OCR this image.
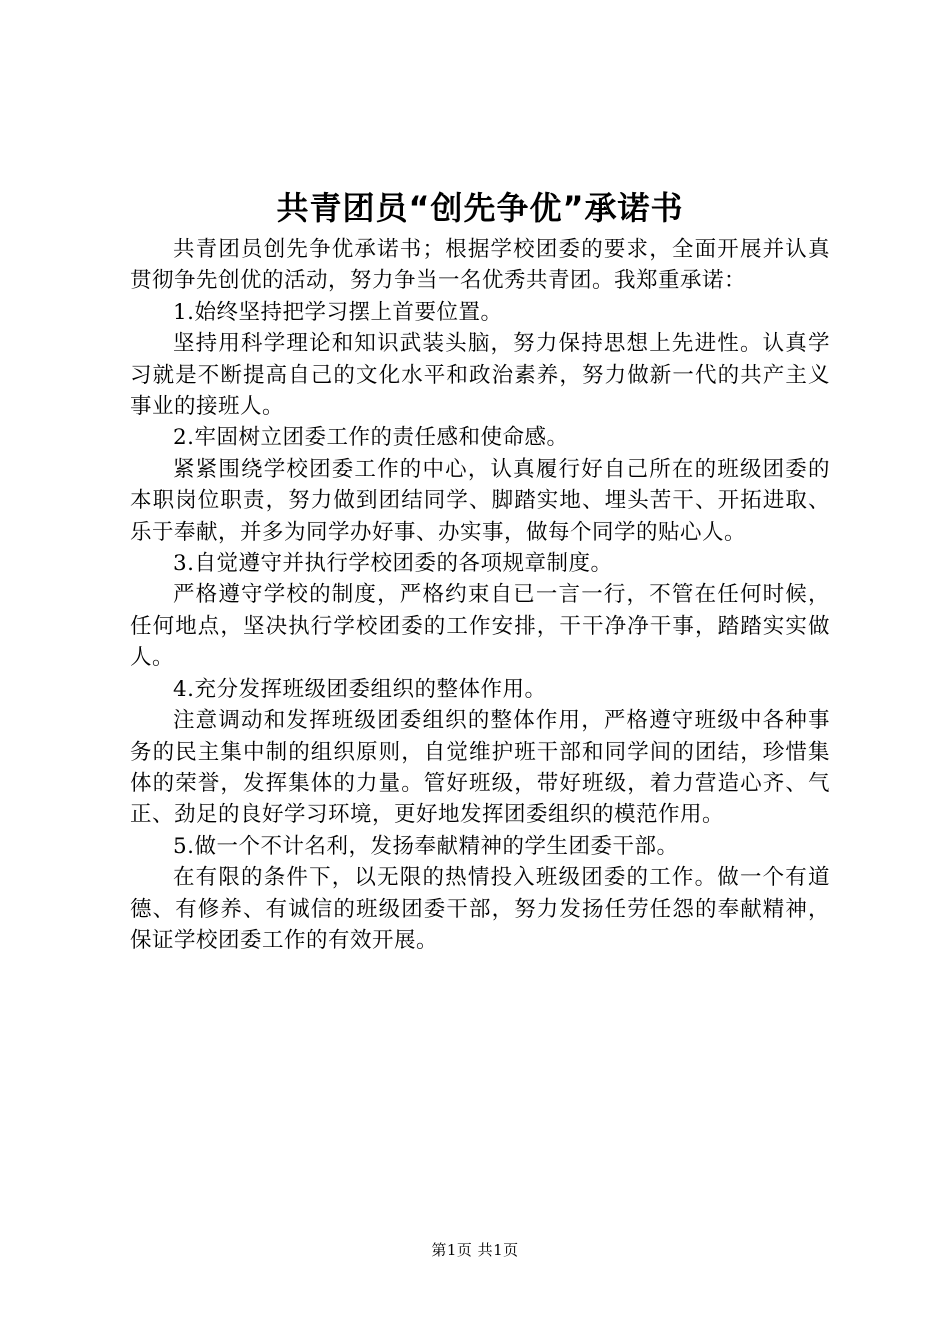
共青团员“创先争优”承诺书

共青团员创先争优承诺书；根据学校团委的要求，全面开展并认真贯彻争先创优的活动，努力争当一名优秀共青团。我郑重承诺：

1.始终坚持把学习摆上首要位置。

坚持用科学理论和知识武装头脑，努力保持思想上先进性。认真学习就是不断提高自己的文化水平和政治素养，努力做新一代的共产主义事业的接班人。

2.牢固树立团委工作的责任感和使命感。

紧紧围绕学校团委工作的中心，认真履行好自己所在的班级团委的本职岗位职责，努力做到团结同学、脚踏实地、埋头苦干、开拓进取、乐于奉献，并多为同学办好事、办实事，做每个同学的贴心人。

3.自觉遵守并执行学校团委的各项规章制度。

严格遵守学校的制度，严格约束自已一言一行，不管在任何时候，任何地点，坚决执行学校团委的工作安排，干干净净干事，踏踏实实做人。

4.充分发挥班级团委组织的整体作用。

注意调动和发挥班级团委组织的整体作用，严格遵守班级中各种事务的民主集中制的组织原则，自觉维护班干部和同学间的团结，珍惜集体的荣誉，发挥集体的力量。管好班级，带好班级，着力营造心齐、气正、劲足的良好学习环境，更好地发挥团委组织的模范作用。

5.做一个不计名利，发扬奉献精神的学生团委干部。

在有限的条件下，以无限的热情投入班级团委的工作。做一个有道德、有修养、有诚信的班级团委干部，努力发扬任劳任怨的奉献精神，保证学校团委工作的有效开展。

第1页 共1页
